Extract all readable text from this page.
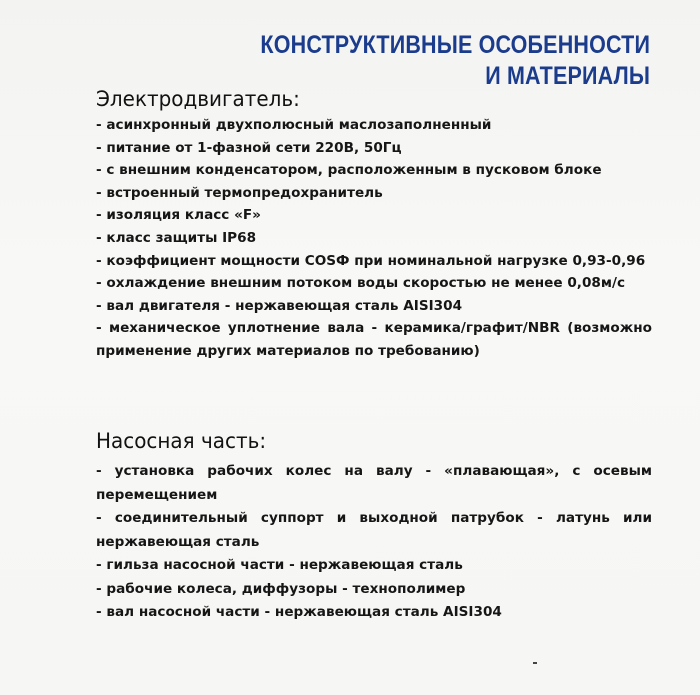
КОНСТРУКТИВНЫЕ ОСОБЕННОСТИ
И МАТЕРИАЛЫ
Электродвигатель:
- асинхронный двухполюсный маслозаполненный
- питание от 1-фазной сети 220В, 50Гц
- с внешним конденсатором, расположенным в пусковом блоке
- встроенный термопредохранитель
- изоляция класс «F»
- класс защиты IP68
- коэффициент мощности COSФ при номинальной нагрузке 0,93-0,96
- охлаждение внешним потоком воды скоростью не менее 0,08м/с
- вал двигателя - нержавеющая сталь AISI304
- механическое уплотнение вала - керамика/графит/NBR (возможно применение других материалов по требованию)
Насосная часть:
- установка рабочих колес на валу - «плавающая», с осевым перемещением
- соединительный суппорт и выходной патрубок - латунь или нержавеющая сталь
- гильза насосной части - нержавеющая сталь
- рабочие колеса, диффузоры - технополимер
- вал насосной части - нержавеющая сталь AISI304
